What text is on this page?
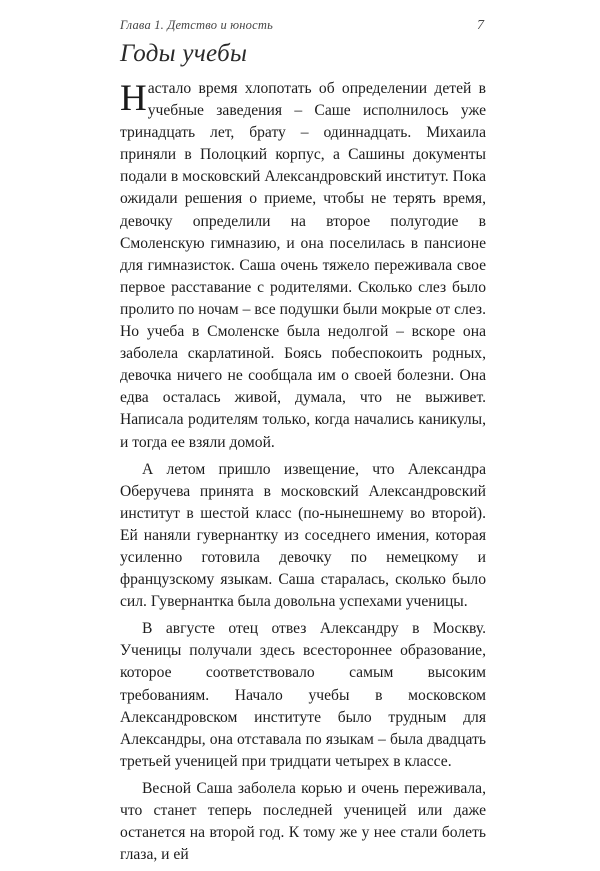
Глава 1. Детство и юность	7
Годы учебы

Настало время хлопотать об определении детей в учебные заведения – Саше исполнилось уже тринадцать лет, брату – одиннадцать. Михаила приняли в Полоцкий корпус, а Сашины документы подали в московский Александровский институт. Пока ожидали решения о приеме, чтобы не терять время, девочку определили на второе полугодие в Смоленскую гимназию, и она поселилась в пансионе для гимназисток. Саша очень тяжело переживала свое первое расставание с родителями. Сколько слез было пролито по ночам – все подушки были мокрые от слез. Но учеба в Смоленске была недолгой – вскоре она заболела скарлатиной. Боясь побеспокоить родных, девочка ничего не сообщала им о своей болезни. Она едва осталась живой, думала, что не выживет. Написала родителям только, когда начались каникулы, и тогда ее взяли домой.

А летом пришло извещение, что Александра Оберучева принята в московский Александровский институт в шестой класс (по-нынешнему во второй). Ей наняли гувернантку из соседнего имения, которая усиленно готовила девочку по немецкому и французскому языкам. Саша старалась, сколько было сил. Гувернантка была довольна успехами ученицы.

В августе отец отвез Александру в Москву. Ученицы получали здесь всестороннее образование, которое соответствовало самым высоким требованиям. Начало учебы в московском Александровском институте было трудным для Александры, она отставала по языкам – была двадцать третьей ученицей при тридцати четырех в классе.

Весной Саша заболела корью и очень переживала, что станет теперь последней ученицей или даже останется на второй год. К тому же у нее стали болеть глаза, и ей
